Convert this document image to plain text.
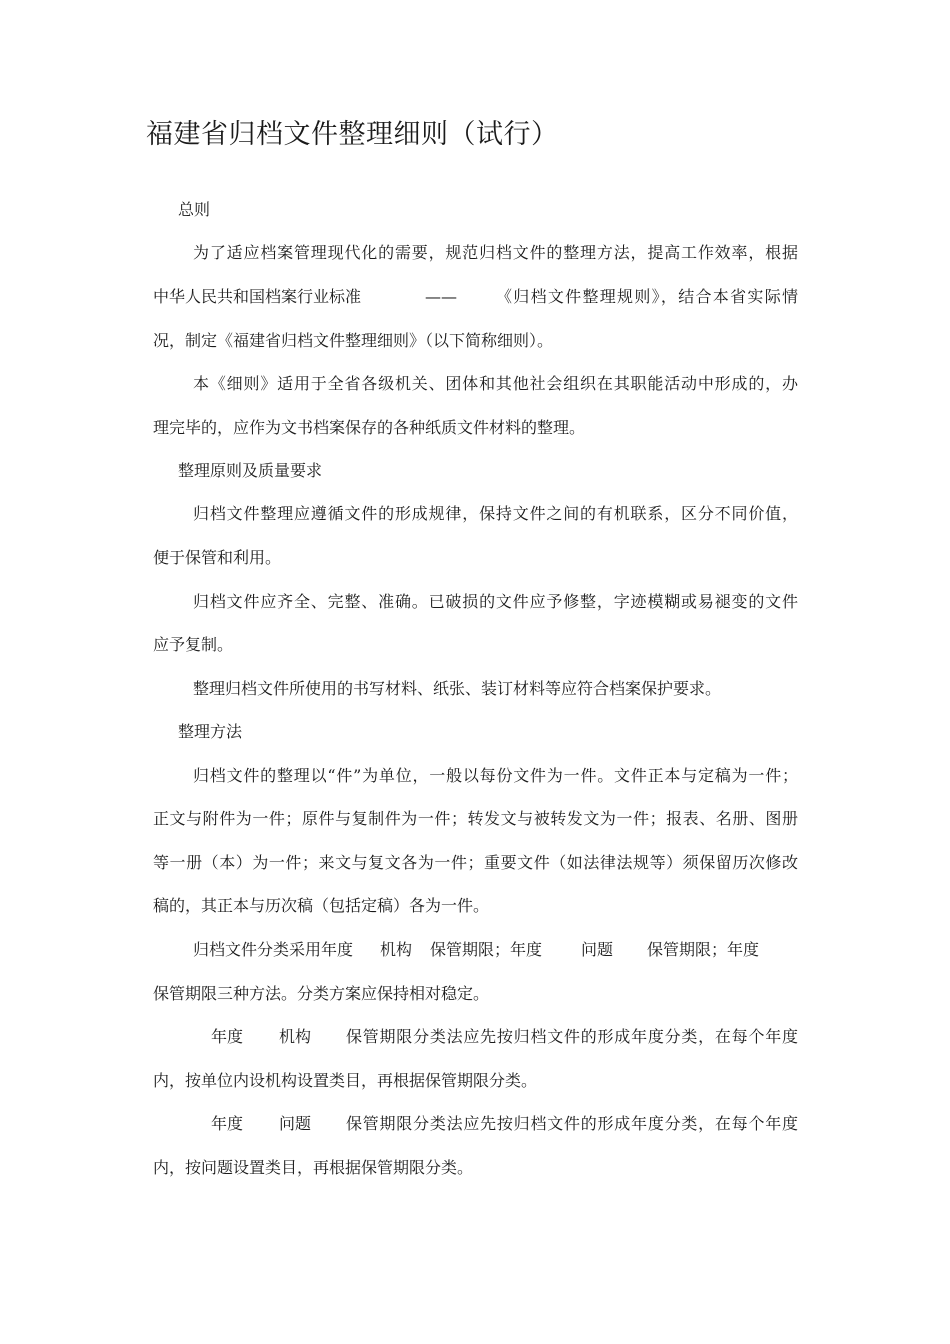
福建省归档文件整理细则（试行）

总则

为了适应档案管理现代化的需要，规范归档文件的整理方法，提高工作效率，根据

中华人民共和国档案行业标准	—— 《归档文件整理规则》，结合本省实际情

况，制定《福建省归档文件整理细则》（以下简称细则）。

本《细则》适用于全省各级机关、团体和其他社会组织在其职能活动中形成的，办

理完毕的，应作为文书档案保存的各种纸质文件材料的整理。

整理原则及质量要求

归档文件整理应遵循文件的形成规律，保持文件之间的有机联系，区分不同价值，

便于保管和利用。

归档文件应齐全、完整、准确。已破损的文件应予修整，字迹模糊或易褪变的文件

应予复制。

整理归档文件所使用的书写材料、纸张、装订材料等应符合档案保护要求。

整理方法

归档文件的整理以“件”为单位，一般以每份文件为一件。文件正本与定稿为一件；

正文与附件为一件；原件与复制件为一件；转发文与被转发文为一件；报表、名册、图册

等一册（本）为一件；来文与复文各为一件；重要文件（如法律法规等）须保留历次修改

稿的，其正本与历次稿（包括定稿）各为一件。

归档文件分类采用年度 机构 保管期限；年度 问题 保管期限；年度

保管期限三种方法。分类方案应保持相对稳定。

年度 机构 保管期限分类法应先按归档文件的形成年度分类，在每个年度

内，按单位内设机构设置类目，再根据保管期限分类。

年度 问题 保管期限分类法应先按归档文件的形成年度分类，在每个年度

内，按问题设置类目，再根据保管期限分类。
